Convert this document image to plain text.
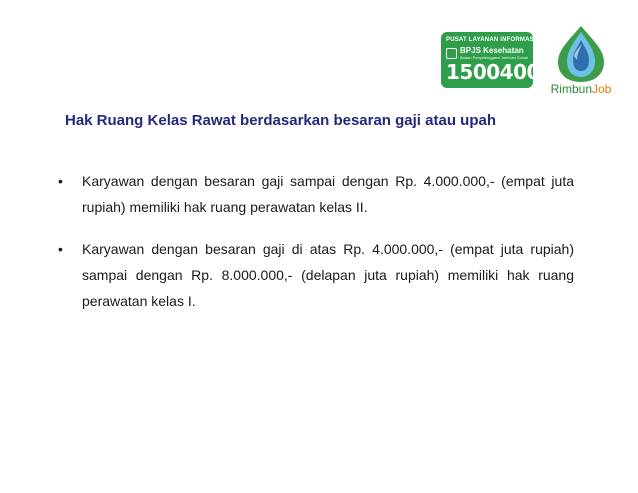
PUSAT LAYANAN INFORMASI
BPJS Kesehatan
Badan Penyelenggara Jaminan Sosial
1500400
RimbunJob
Hak Ruang Kelas Rawat berdasarkan besaran gaji atau upah
• Karyawan dengan besaran gaji sampai dengan Rp. 4.000.000,- (empat juta rupiah) memiliki hak ruang perawatan kelas II.
• Karyawan dengan besaran gaji di atas Rp. 4.000.000,- (empat juta rupiah) sampai dengan Rp. 8.000.000,- (delapan juta rupiah) memiliki hak ruang perawatan kelas I.
